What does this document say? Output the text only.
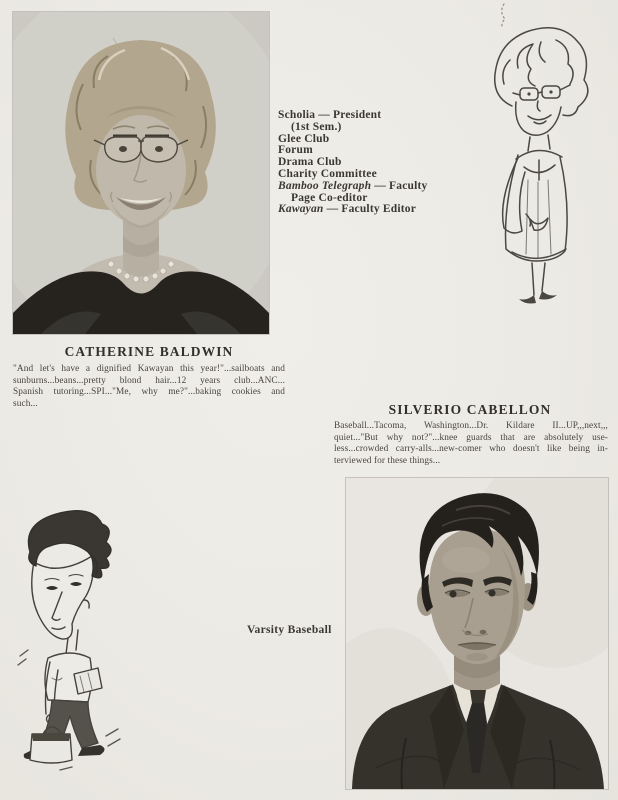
Scholia — President
(1st Sem.)
Glee Club
Forum
Drama Club
Charity Committee
Bamboo Telegraph — Faculty
Page Co-editor
Kawayan — Faculty Editor
CATHERINE BALDWIN
"And let's have a dignified Kawayan this year!"...sailboats and
sunburns...beans...pretty blond hair...12 years club...ANC...
Spanish tutoring...SPI..."Me, why me?"...baking cookies and
such...	SILVERIO CABELLON
Baseball...Tacoma, Washington...Dr. Kildare II...UP,,,next,,,
quiet..."But why not?"...knee guards that are absolutely use-
less...crowded carry-alls...new-comer who doesn't like being in-
terviewed for these things...
Varsity Baseball
